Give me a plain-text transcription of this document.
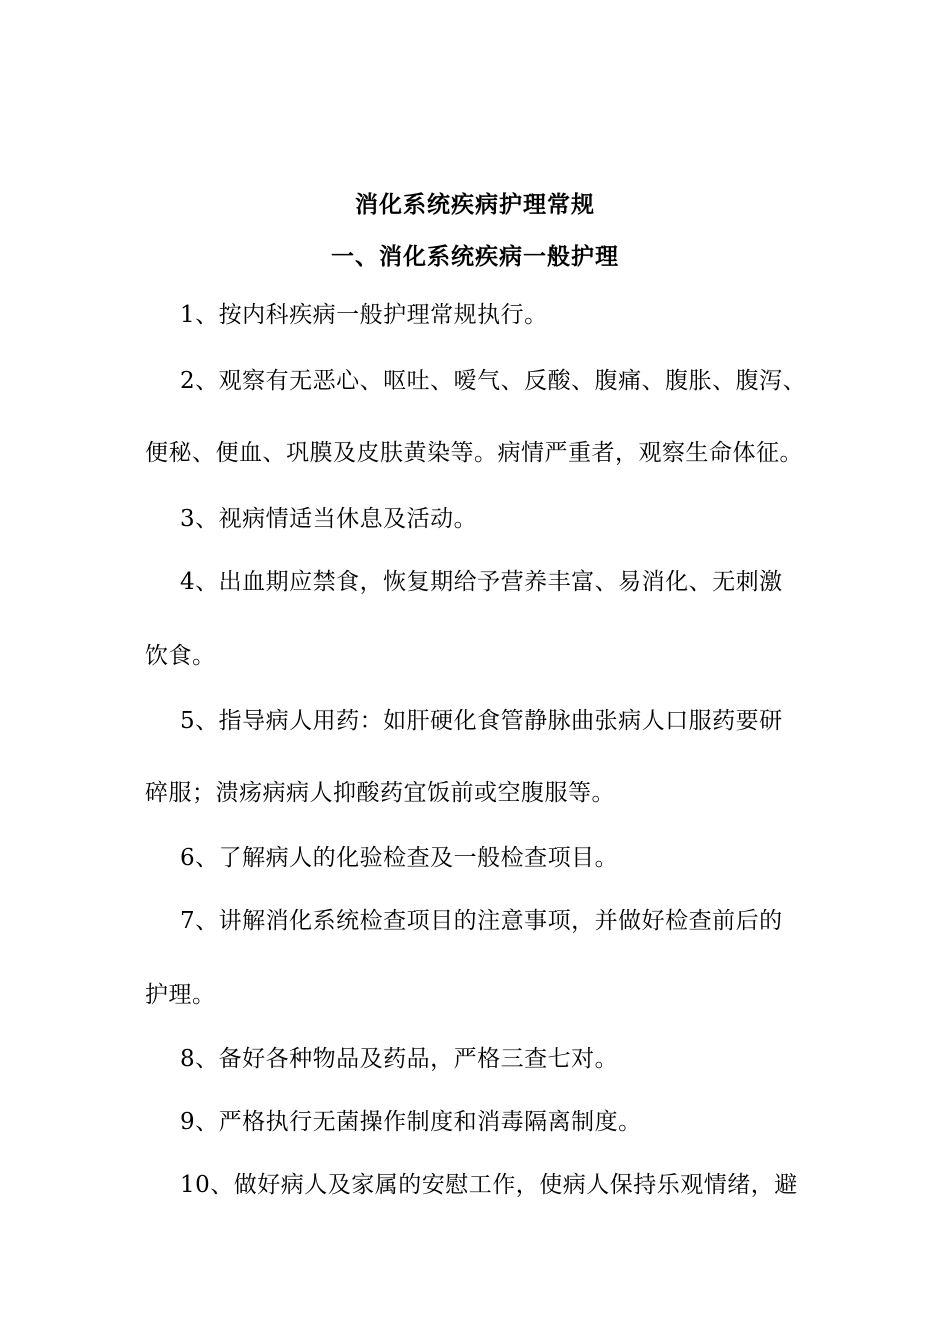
消化系统疾病护理常规
一、消化系统疾病一般护理
1、按内科疾病一般护理常规执行。
2、观察有无恶心、呕吐、嗳气、反酸、腹痛、腹胀、腹泻、
便秘、便血、巩膜及皮肤黄染等。病情严重者，观察生命体征。
3、视病情适当休息及活动。
4、出血期应禁食，恢复期给予营养丰富、易消化、无刺激
饮食。
5、指导病人用药：如肝硬化食管静脉曲张病人口服药要研
碎服；溃疡病病人抑酸药宜饭前或空腹服等。
6、了解病人的化验检查及一般检查项目。
7、讲解消化系统检查项目的注意事项，并做好检查前后的
护理。
8、备好各种物品及药品，严格三查七对。
9、严格执行无菌操作制度和消毒隔离制度。
10、做好病人及家属的安慰工作，使病人保持乐观情绪，避
